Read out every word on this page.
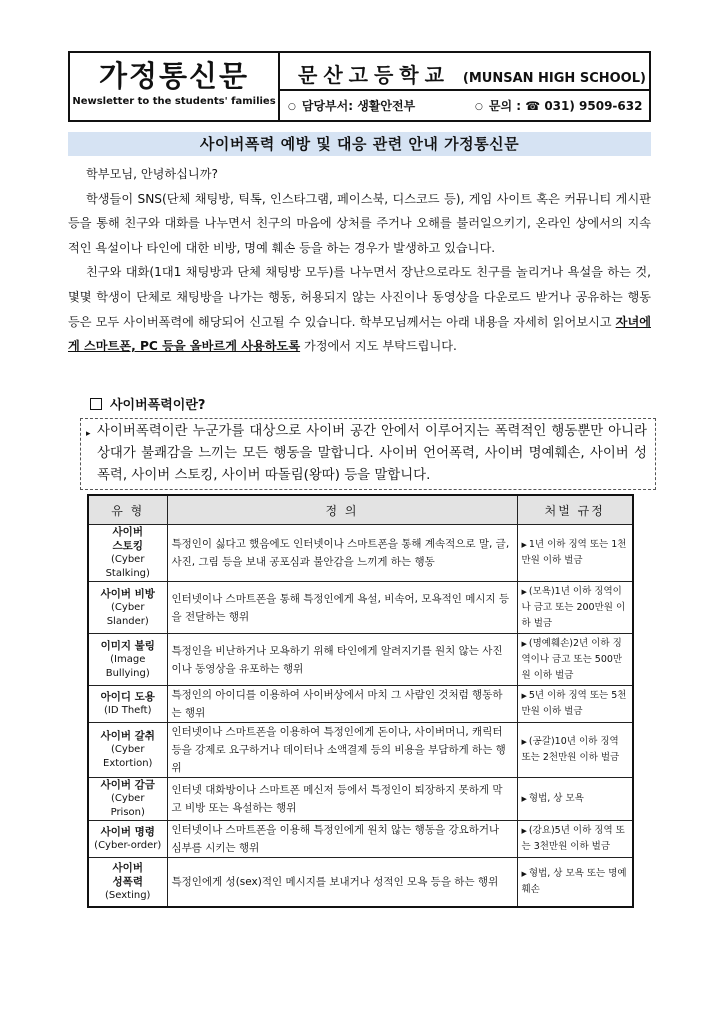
가정통신문
Newsletter to the students' families
문산고등학교 (MUNSAN HIGH SCHOOL)
○ 담당부서: 생활안전부	○ 문의 : ☎ 031) 9509-632
사이버폭력 예방 및 대응 관련 안내 가정통신문

학부모님, 안녕하십니까?

학생들이 SNS(단체 채팅방, 틱톡, 인스타그램, 페이스북, 디스코드 등), 게임 사이트 혹은 커뮤니티 게시판 등을 통해 친구와 대화를 나누면서 친구의 마음에 상처를 주거나 오해를 불러일으키기, 온라인 상에서의 지속적인 욕설이나 타인에 대한 비방, 명예 훼손 등을 하는 경우가 발생하고 있습니다.

친구와 대화(1대1 채팅방과 단체 채팅방 모두)를 나누면서 장난으로라도 친구를 놀리거나 욕설을 하는 것, 몇몇 학생이 단체로 채팅방을 나가는 행동, 허용되지 않는 사진이나 동영상을 다운로드 받거나 공유하는 행동 등은 모두 사이버폭력에 해당되어 신고될 수 있습니다. 학부모님께서는 아래 내용을 자세히 읽어보시고 자녀에게 스마트폰, PC 등을 올바르게 사용하도록 가정에서 지도 부탁드립니다.

사이버폭력이란?
▸ 사이버폭력이란 누군가를 대상으로 사이버 공간 안에서 이루어지는 폭력적인 행동뿐만 아니라 상대가 불쾌감을 느끼는 모든 행동을 말합니다. 사이버 언어폭력, 사이버 명예훼손, 사이버 성폭력, 사이버 스토킹, 사이버 따돌림(왕따) 등을 말합니다.
유 형	정 의	처벌 규정

사이버
스토킹
(Cyber
Stalking)	특정인이 싫다고 했음에도 인터넷이나 스마트폰을 통해 계속적으로 말, 글, 사진, 그림 등을 보내 공포심과 불안감을 느끼게 하는 행동	▶ 1년 이하 징역 또는 1천만원 이하 벌금

사이버 비방
(Cyber
Slander)	인터넷이나 스마트폰을 통해 특정인에게 욕설, 비속어, 모욕적인 메시지 등을 전달하는 행위	▶ (모욕)1년 이하 징역이나 금고 또는 200만원 이하 벌금

이미지 불링
(Image
Bullying)	특정인을 비난하거나 모욕하기 위해 타인에게 알려지기를 원치 않는 사진이나 동영상을 유포하는 행위	▶ (명예훼손)2년 이하 징역이나 금고 또는 500만원 이하 벌금

아이디 도용
(ID Theft)	특정인의 아이디를 이용하여 사이버상에서 마치 그 사람인 것처럼 행동하는 행위	▶ 5년 이하 징역 또는 5천만원 이하 벌금

사이버 갈취
(Cyber
Extortion)	인터넷이나 스마트폰을 이용하여 특정인에게 돈이나, 사이버머니, 캐릭터 등을 강제로 요구하거나 데이터나 소액결제 등의 비용을 부담하게 하는 행위	▶ (공갈)10년 이하 징역 또는 2천만원 이하 벌금

사이버 감금
(Cyber Prison)	인터넷 대화방이나 스마트폰 메신저 등에서 특정인이 퇴장하지 못하게 막고 비방 또는 욕설하는 행위	▶ 형법, 상 모욕

사이버 명령
(Cyber-order)	인터넷이나 스마트폰을 이용해 특정인에게 원치 않는 행동을 강요하거나 심부름 시키는 행위	▶ (강요)5년 이하 징역 또는 3천만원 이하 벌금

사이버
성폭력
(Sexting)	특정인에게 성(sex)적인 메시지를 보내거나 성적인 모욕 등을 하는 행위	▶ 형법, 상 모욕 또는 명예훼손
